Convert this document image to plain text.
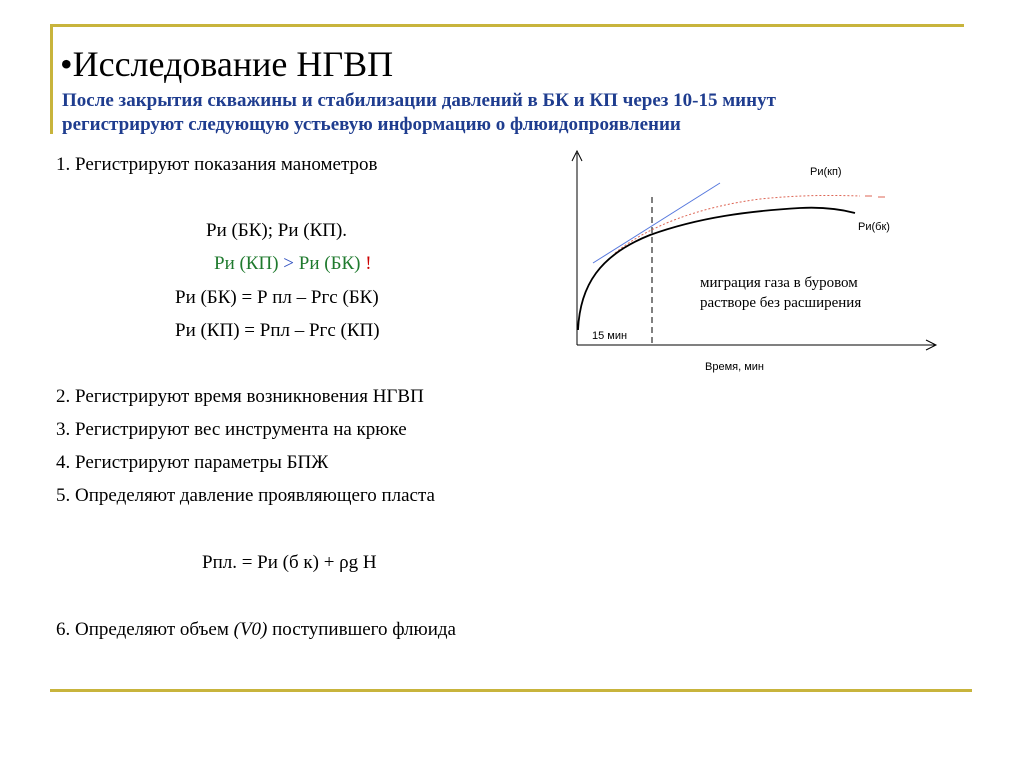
•Исследование НГВП
После закрытия скважины и стабилизации давлений в БК и КП через 10-15 минут
регистрируют следующую устьевую информацию о флюидопроявлении
1. Регистрируют показания манометров
Ри (БК); Ри (КП).
Ри (КП) > Ри (БК) !
Ри (БК) = Р пл – Ргс (БК)
Ри (КП) = Рпл – Ргс (КП)
2. Регистрируют время возникновения НГВП
3. Регистрируют вес инструмента на крюке
4. Регистрируют параметры БПЖ
5. Определяют давление проявляющего пласта
Рпл. = Ри (б к) + ρg H
6. Определяют объем (V0) поступившего флюида
Ри(кп)
Ри(бк)
15 мин
Время, мин
миграция газа в буровом
растворе без расширения
